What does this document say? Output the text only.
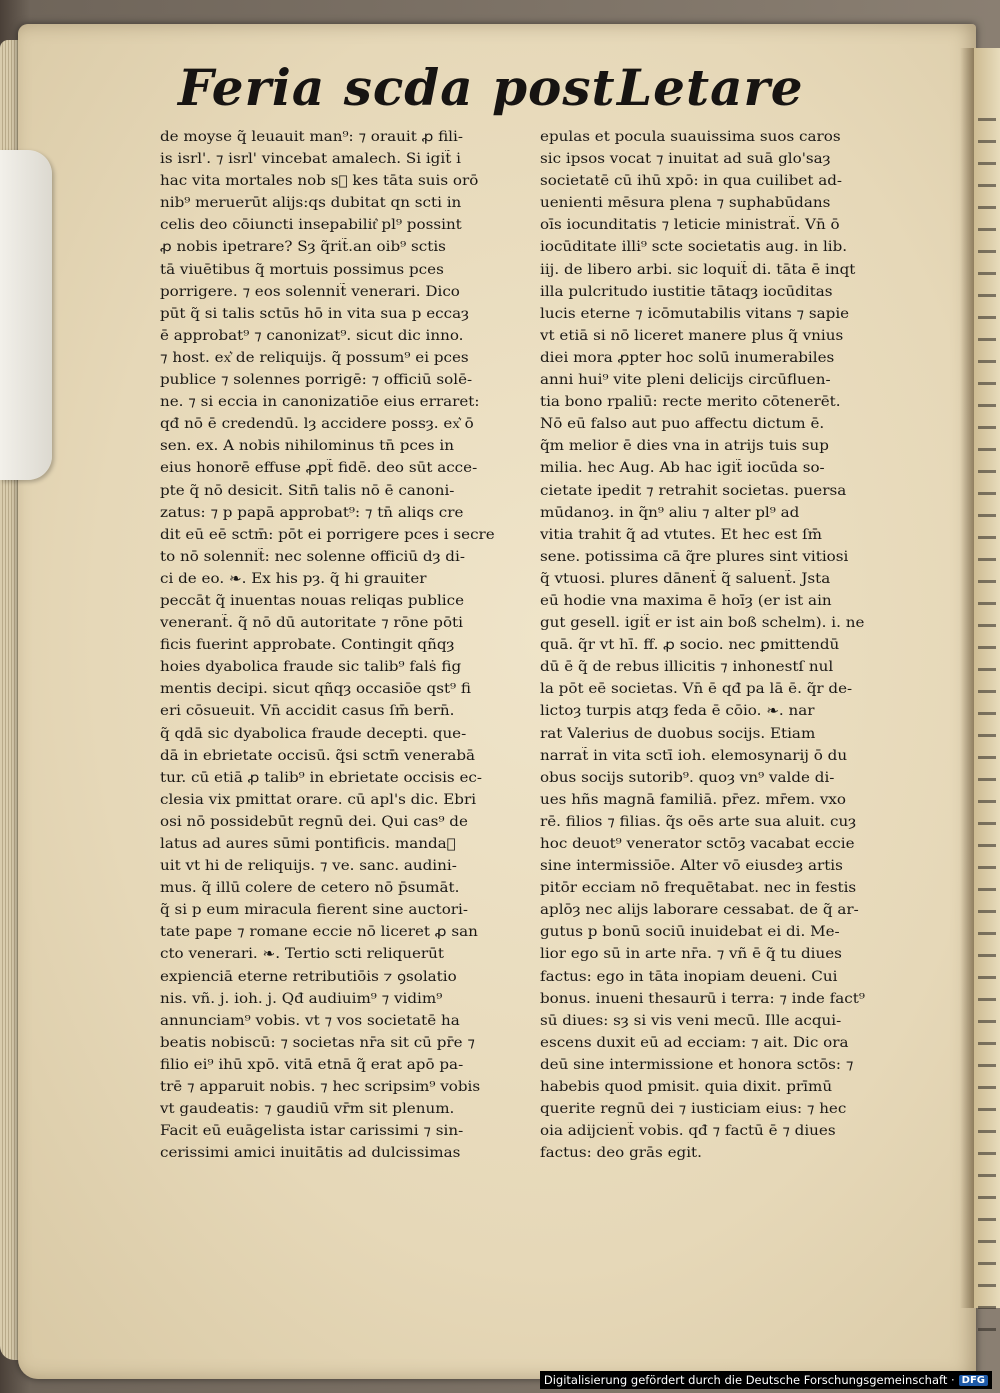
Feria scda post Letare
de moyse q̃ leuauit man⁹: ⁊ orauit ꝓ fili-
is isrl'. ⁊ isrl' vincebat amalech. Si igit̃ i
hac vita mortales nob sᷓ kes tāta suis orō
nib⁹ meruerūt alijs:qs dubitat qn scti in
celis deo cōiuncti insepabilit͛ pl⁹ possint
ꝓ nobis ipetrare? Sȝ q̃rit̃.an oib⁹ sctis
tā viuētibus q̃ mortuis possimus pces
porrigere. ⁊ eos solennit̃ venerari. Dico
pūt q̃ si talis sctūs hō in vita sua p eccaȝ
ē approbat⁹ ⁊ canonizat⁹. sicut dic inno.
⁊ host. ex͛ de reliquijs. q̃ possum⁹ ei pces
publice ⁊ solennes porrigē: ⁊ officiū solē-
ne. ⁊ si eccia in canonizatiōe eius erraret:
qđ nō ē credendū. lȝ accidere possȝ. ex͛ ō
sen. ex. A nobis nihilominus tn̄ pces in
eius honorē effuse ꝓpt̃ fidē. deo sūt acce-
pte q̃ nō desicit. Sitn̄ talis nō ē canoni-
zatus: ⁊ p papā approbat⁹: ⁊ tn̄ aliqs cre
dit eū eē sctm̄: pōt ei porrigere pces i secre
to nō solennit̃: nec solenne officiū dȝ di-
ci de eo. ❧. Ex his pȝ. q̃ hi grauiter
peccāt q̃ inuentas nouas reliqas publice
venerant̃. q̃ nō dū autoritate ⁊ rōne pōti
ficis fuerint approbate. Contingit qñqȝ
hoies dyabolica fraude sic talib⁹ falṡ fig
mentis decipi. sicut qñqȝ occasiōe qst⁹ fi
eri cōsueuit. Vn̄ accidit casus ſm̄ bern̄.
q̃ qdā sic dyabolica fraude decepti. que-
dā in ebrietate occisū. q̃si sctm̄ venerabā
tur. cū etiā ꝓ talib⁹ in ebrietate occisis ec-
clesia vix pmittat orare. cū apl's dic. Ebri
osi nō possidebūt regnū dei. Qui cas⁹ de
latus ad aures sūmi pontificis. mandaᷓ
uit vt hi de reliquijs. ⁊ ve. sanc. audini-
mus. q̃ illū colere de cetero nō p̄sumāt.
q̃ si p eum miracula fierent sine auctori-
tate pape ⁊ romane eccie nō liceret ꝓ san
cto venerari. ❧. Tertio scti reliquerūt
expienciā eterne retributiōis ⁊ ꝯsolatio
nis. vñ. j. ioh. j. Qđ audiuim⁹ ⁊ vidim⁹
annunciam⁹ vobis. vt ⁊ vos societatē ha
beatis nobiscū: ⁊ societas nr̄a sit cū pr̄e ⁊
filio ei⁹ ihū xpō. vitā etnā q̃ erat apō pa-
trē ⁊ apparuit nobis. ⁊ hec scripsim⁹ vobis
vt gaudeatis: ⁊ gaudiū vr̄m sit plenum.
Facit eū euāgelista istar carissimi ⁊ sin-
cerissimi amici inuitātis ad dulcissimas
epulas et pocula suauissima suos caros
sic ipsos vocat ⁊ inuitat ad suā glo'saȝ
societatē cū ihū xpō: in qua cuilibet ad-
uenienti mēsura plena ⁊ suphabūdans
oīs iocunditatis ⁊ leticie ministrat̃. Vn̄ ō
iocūditate illi⁹ scte societatis aug. in lib.
iij. de libero arbi. sic loquit̃ di. tāta ē inqt
illa pulcritudo iustitie tātaqȝ iocūditas
lucis eterne ⁊ icōmutabilis vitans ⁊ sapie
vt etiā si nō liceret manere plus q̃ vnius
diei mora ꝓpter hoc solū inumerabiles
anni hui⁹ vite pleni delicijs circūfluen-
tia bono rpaliū: recte merito cōtenerēt.
Nō eū falso aut puo affectu dictum ē.
q̃m melior ē dies vna in atrijs tuis sup
milia. hec Aug. Ab hac igit̃ iocūda so-
cietate ipedit ⁊ retrahit societas. puersa
mūdanoȝ. in q̃n⁹ aliu ⁊ alter pl⁹ ad
vitia trahit q̃ ad vtutes. Et hec est ſm̄
sene. potissima cā q̃re plures sint vitiosi
q̃ vtuosi. plures dānent̃ q̃ saluent̃. Jsta
eū hodie vna maxima ē hoīȝ (er ist ain
gut gesell. igit̃ er ist ain boß schelm). i. ne
quā. q̃r vt hī. ff. ꝓ socio. nec ꝑmittendū
dū ē q̃ de rebus illicitis ⁊ inhonestſ nul
la pōt eē societas. Vn̄ ē qđ pa lā ē. q̃r de-
lictoȝ turpis atqȝ feda ē cōio. ❧. nar
rat Valerius de duobus socijs. Etiam
narrat̃ in vita sctī ioh. elemosynarij ō du
obus socijs sutorib⁹. quoȝ vn⁹ valde di-
ues hñs magnā familiā. pr̄ez. mr̄em. vxo
rē. filios ⁊ filias. q̃s oēs arte sua aluit. cuȝ
hoc deuot⁹ venerator sctōȝ vacabat eccie
sine intermissiōe. Alter vō eiusdeȝ artis
pitōr ecciam nō frequētabat. nec in festis
aplōȝ nec alijs laborare cessabat. de q̃ ar-
gutus p bonū sociū inuidebat ei di. Me-
lior ego sū in arte nr̄a. ⁊ vñ ē q̃ tu diues
factus: ego in tāta inopiam deueni. Cui
bonus. inueni thesaurū i terra: ⁊ inde fact⁹
sū diues: sȝ si vis veni mecū. Ille acqui-
escens duxit eū ad ecciam: ⁊ ait. Dic ora
deū sine intermissione et honora sctōs: ⁊
habebis quod pmisit. quia dixit. prīmū
querite regnū dei ⁊ iusticiam eius: ⁊ hec
oia adijcient̃ vobis. qđ ⁊ factū ē ⁊ diues
factus: deo grās egit.
Digitalisierung gefördert durch die Deutsche Forschungsgemeinschaft · DFG
